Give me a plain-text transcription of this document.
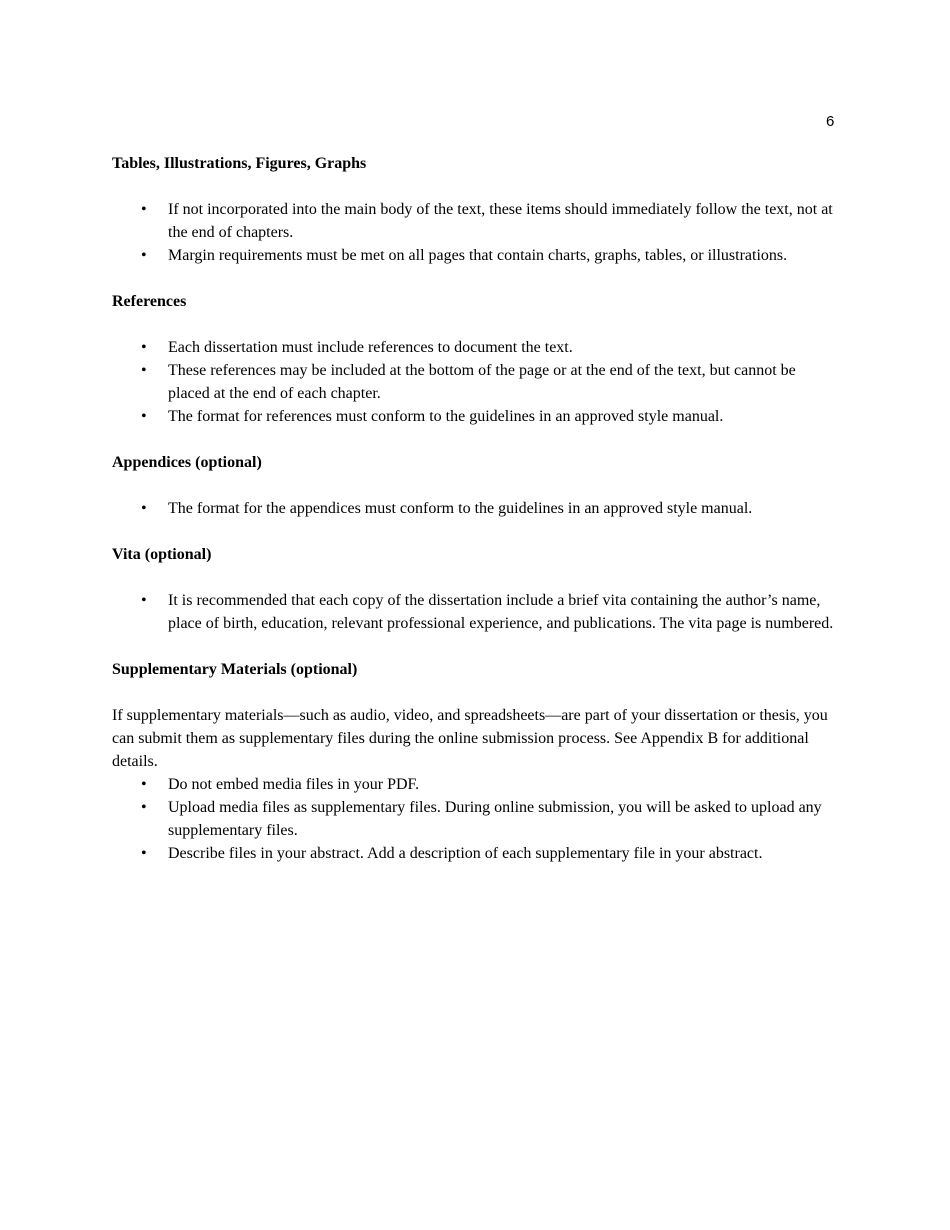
6
Tables, Illustrations, Figures, Graphs
• If not incorporated into the main body of the text, these items should immediately follow the text, not at the end of chapters.
• Margin requirements must be met on all pages that contain charts, graphs, tables, or illustrations.
References
• Each dissertation must include references to document the text.
• These references may be included at the bottom of the page or at the end of the text, but cannot be placed at the end of each chapter.
• The format for references must conform to the guidelines in an approved style manual.
Appendices (optional)
• The format for the appendices must conform to the guidelines in an approved style manual.
Vita (optional)
• It is recommended that each copy of the dissertation include a brief vita containing the author’s name, place of birth, education, relevant professional experience, and publications. The vita page is numbered.
Supplementary Materials (optional)

If supplementary materials—such as audio, video, and spreadsheets—are part of your dissertation or thesis, you can submit them as supplementary files during the online submission process. See Appendix B for additional details.

• Do not embed media files in your PDF.
• Upload media files as supplementary files. During online submission, you will be asked to upload any supplementary files.
• Describe files in your abstract. Add a description of each supplementary file in your abstract.
